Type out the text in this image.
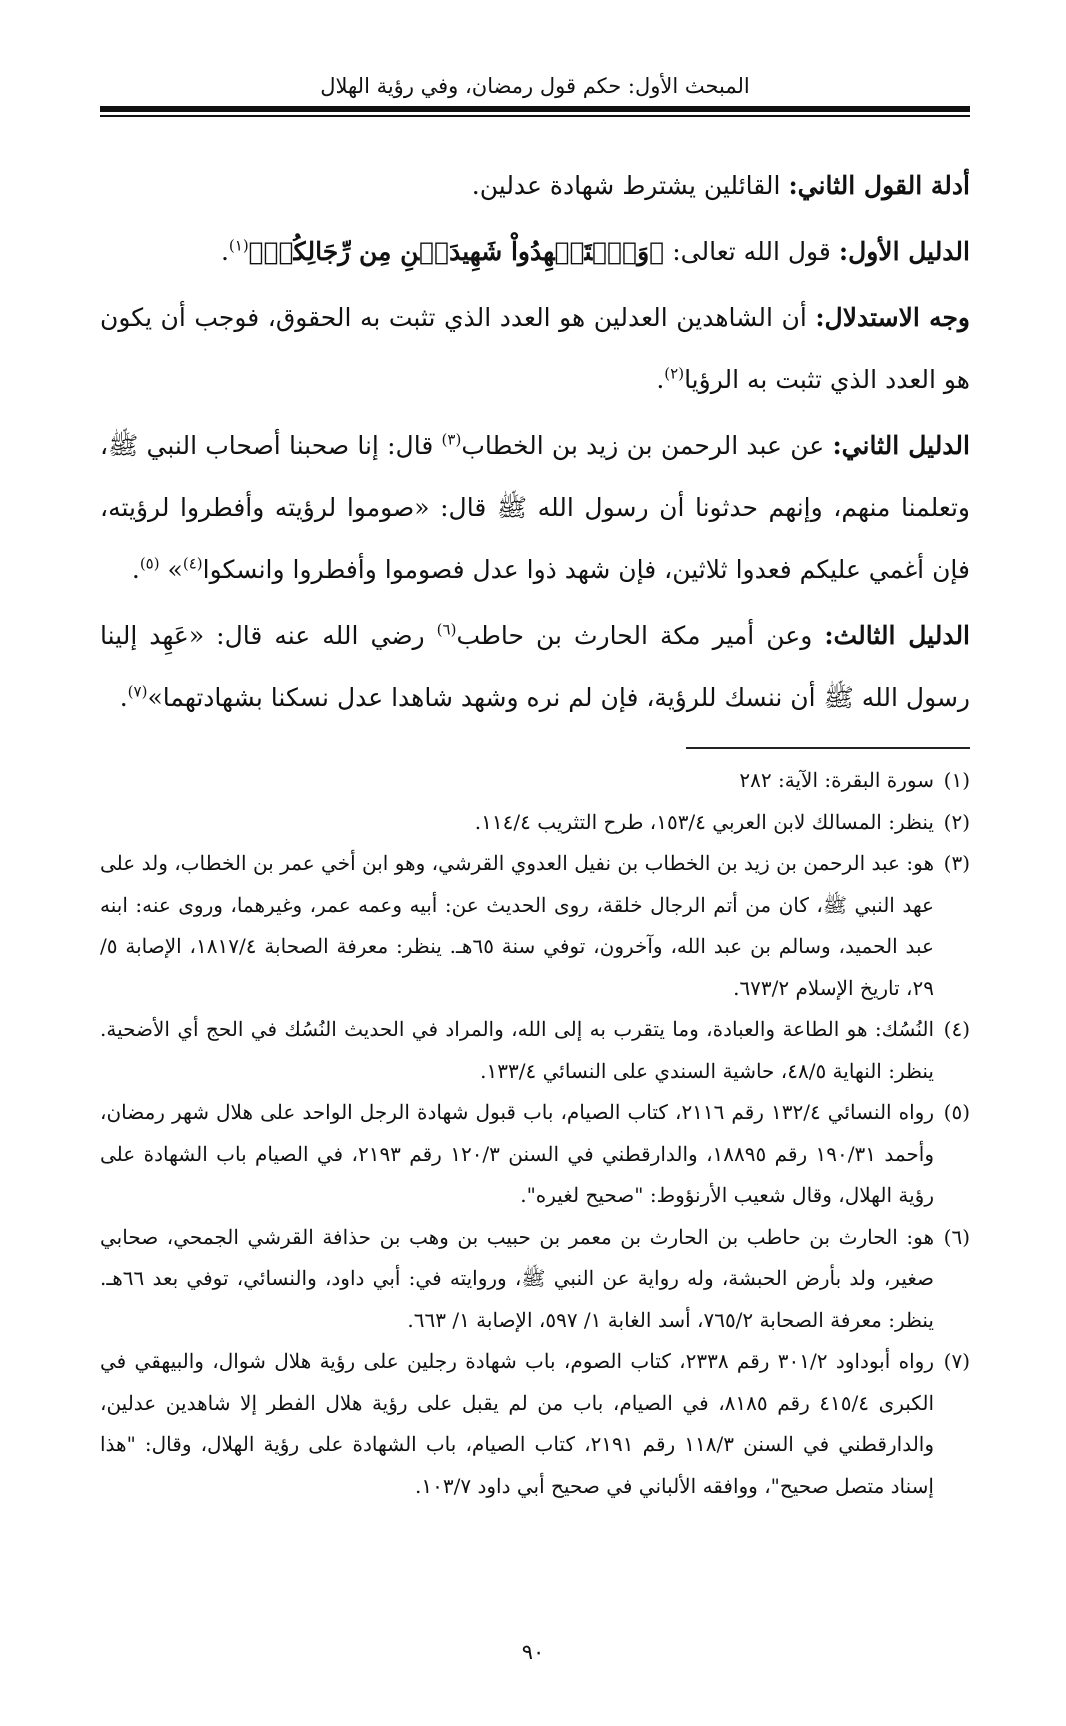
المبحث الأول: حكم قول رمضان، وفي رؤية الهلال

أدلة القول الثاني: القائلين يشترط شهادة عدلين.

الدليل الأول: قول الله تعالى: ﴿وَٱسۡتَشۡهِدُواْ شَهِيدَيۡنِ مِن رِّجَالِكُمۡ﴾$^{(١)}$.

وجه الاستدلال: أن الشاهدين العدلين هو العدد الذي تثبت به الحقوق، فوجب أن يكون هو العدد الذي تثبت به الرؤيا$^{(٢)}$.

الدليل الثاني: عن عبد الرحمن بن زيد بن الخطاب$^{(٣)}$ قال: إنا صحبنا أصحاب النبي ﷺ، وتعلمنا منهم، وإنهم حدثونا أن رسول الله ﷺ قال: «صوموا لرؤيته وأفطروا لرؤيته، فإن أغمي عليكم فعدوا ثلاثين، فإن شهد ذوا عدل فصوموا وأفطروا وانسكوا$^{(٤)}$» $^{(٥)}$.

الدليل الثالث: وعن أمير مكة الحارث بن حاطب$^{(٦)}$ رضي الله عنه قال: «عَهِد إلينا رسول الله ﷺ أن ننسك للرؤية، فإن لم نره وشهد شاهدا عدل نسكنا بشهادتهما»$^{(٧)}$.

(١)
سورة البقرة: الآية: ٢٨٢
(٢)
ينظر: المسالك لابن العربي ١٥٣/٤، طرح التثريب ١١٤/٤.
(٣)
هو: عبد الرحمن بن زيد بن الخطاب بن نفيل العدوي القرشي، وهو ابن أخي عمر بن الخطاب، ولد على عهد النبي ﷺ، كان من أتم الرجال خلقة، روى الحديث عن: أبيه وعمه عمر، وغيرهما، وروى عنه: ابنه عبد الحميد، وسالم بن عبد الله، وآخرون، توفي سنة ٦٥هـ. ينظر: معرفة الصحابة ١٨١٧/٤، الإصابة ٥/ ٢٩، تاريخ الإسلام ٦٧٣/٢.
(٤)
النُسُك: هو الطاعة والعبادة، وما يتقرب به إلى الله، والمراد في الحديث النُسُك في الحج أي الأضحية. ينظر: النهاية ٤٨/٥، حاشية السندي على النسائي ١٣٣/٤.
(٥)
رواه النسائي ١٣٢/٤ رقم ٢١١٦، كتاب الصيام، باب قبول شهادة الرجل الواحد على هلال شهر رمضان، وأحمد ١٩٠/٣١ رقم ١٨٨٩٥، والدارقطني في السنن ١٢٠/٣ رقم ٢١٩٣، في الصيام باب الشهادة على رؤية الهلال، وقال شعيب الأرنؤوط: "صحيح لغيره".
(٦)
هو: الحارث بن حاطب بن الحارث بن معمر بن حبيب بن وهب بن حذافة القرشي الجمحي، صحابي صغير، ولد بأرض الحبشة، وله رواية عن النبي ﷺ، وروايته في: أبي داود، والنسائي، توفي بعد ٦٦هـ. ينظر: معرفة الصحابة ٧٦٥/٢، أسد الغابة ١/ ٥٩٧، الإصابة ١/ ٦٦٣.
(٧)
رواه أبوداود ٣٠١/٢ رقم ٢٣٣٨، كتاب الصوم، باب شهادة رجلين على رؤية هلال شوال، والبيهقي في الكبرى ٤١٥/٤ رقم ٨١٨٥، في الصيام، باب من لم يقبل على رؤية هلال الفطر إلا شاهدين عدلين، والدارقطني في السنن ١١٨/٣ رقم ٢١٩١، كتاب الصيام، باب الشهادة على رؤية الهلال، وقال: "هذا إسناد متصل صحيح"، ووافقه الألباني في صحيح أبي داود ١٠٣/٧.
٩٠
